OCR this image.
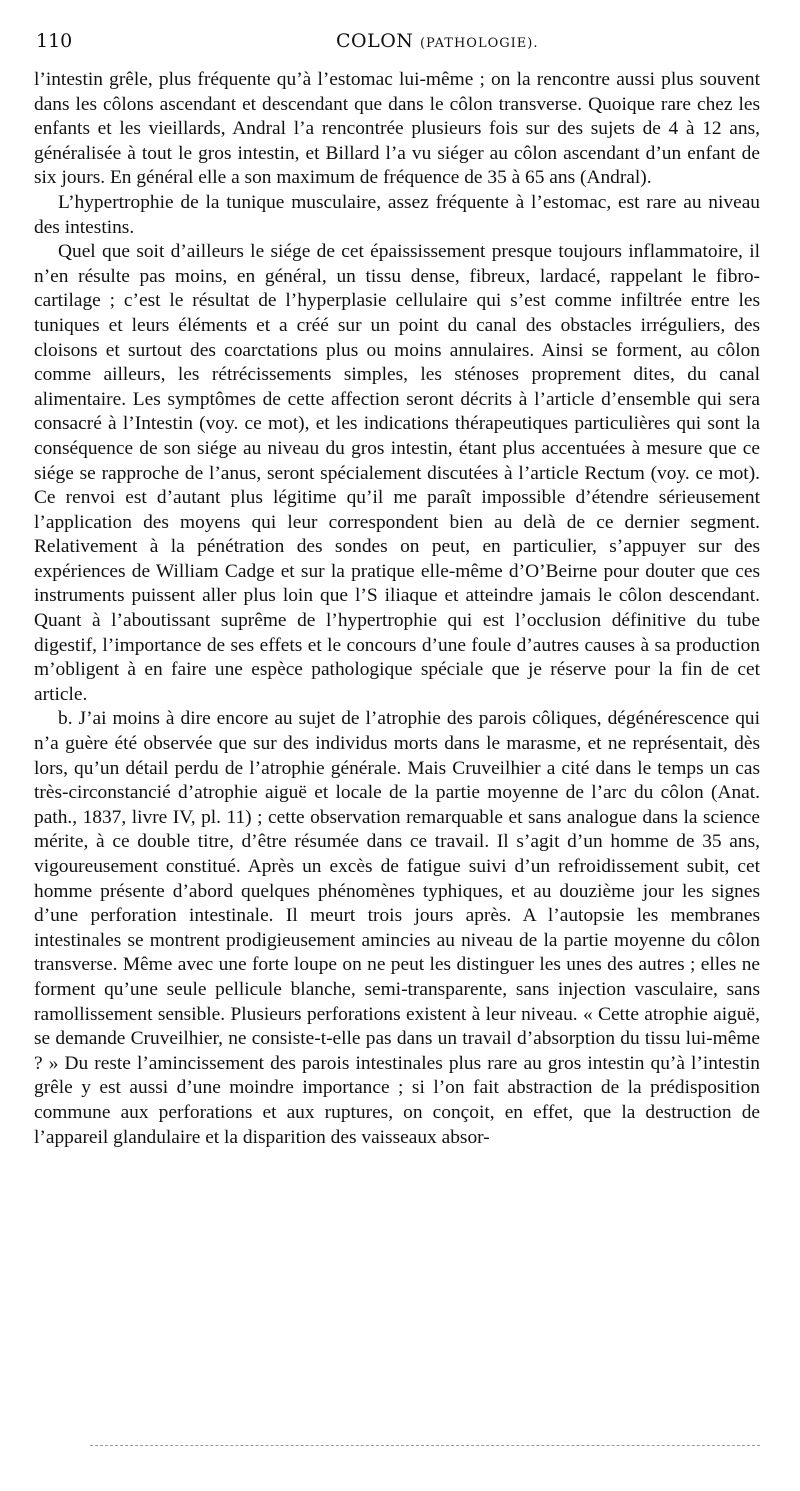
110	COLON (PATHOLOGIE).

l’intestin grêle, plus fréquente qu’à l’estomac lui-même ; on la rencontre aussi plus souvent dans les côlons ascendant et descendant que dans le côlon transverse. Quoique rare chez les enfants et les vieillards, Andral l’a rencontrée plusieurs fois sur des sujets de 4 à 12 ans, généralisée à tout le gros intestin, et Billard l’a vu siéger au côlon ascendant d’un enfant de six jours. En général elle a son maximum de fréquence de 35 à 65 ans (Andral).

L’hypertrophie de la tunique musculaire, assez fréquente à l’estomac, est rare au niveau des intestins.

Quel que soit d’ailleurs le siége de cet épaississement presque toujours inflammatoire, il n’en résulte pas moins, en général, un tissu dense, fibreux, lardacé, rappelant le fibro-cartilage ; c’est le résultat de l’hyperplasie cellulaire qui s’est comme infiltrée entre les tuniques et leurs éléments et a créé sur un point du canal des obstacles irréguliers, des cloisons et surtout des coarctations plus ou moins annulaires. Ainsi se forment, au côlon comme ailleurs, les rétrécissements simples, les sténoses proprement dites, du canal alimentaire. Les symptômes de cette affection seront décrits à l’article d’ensemble qui sera consacré à l’Intestin (voy. ce mot), et les indications thérapeutiques particulières qui sont la conséquence de son siége au niveau du gros intestin, étant plus accentuées à mesure que ce siége se rapproche de l’anus, seront spécialement discutées à l’article Rectum (voy. ce mot). Ce renvoi est d’autant plus légitime qu’il me paraît impossible d’étendre sérieusement l’application des moyens qui leur correspondent bien au delà de ce dernier segment. Relativement à la pénétration des sondes on peut, en particulier, s’appuyer sur des expériences de William Cadge et sur la pratique elle-même d’O’Beirne pour douter que ces instruments puissent aller plus loin que l’S iliaque et atteindre jamais le côlon descendant. Quant à l’aboutissant suprême de l’hypertrophie qui est l’occlusion définitive du tube digestif, l’importance de ses effets et le concours d’une foule d’autres causes à sa production m’obligent à en faire une espèce pathologique spéciale que je réserve pour la fin de cet article.

b. J’ai moins à dire encore au sujet de l’atrophie des parois côliques, dégénérescence qui n’a guère été observée que sur des individus morts dans le marasme, et ne représentait, dès lors, qu’un détail perdu de l’atrophie générale. Mais Cruveilhier a cité dans le temps un cas très-circonstancié d’atrophie aiguë et locale de la partie moyenne de l’arc du côlon (Anat. path., 1837, livre IV, pl. 11) ; cette observation remarquable et sans analogue dans la science mérite, à ce double titre, d’être résumée dans ce travail. Il s’agit d’un homme de 35 ans, vigoureusement constitué. Après un excès de fatigue suivi d’un refroidissement subit, cet homme présente d’abord quelques phénomènes typhiques, et au douzième jour les signes d’une perforation intestinale. Il meurt trois jours après. A l’autopsie les membranes intestinales se montrent prodigieusement amincies au niveau de la partie moyenne du côlon transverse. Même avec une forte loupe on ne peut les distinguer les unes des autres ; elles ne forment qu’une seule pellicule blanche, semi-transparente, sans injection vasculaire, sans ramollissement sensible. Plusieurs perforations existent à leur niveau. « Cette atrophie aiguë, se demande Cruveilhier, ne consiste-t-elle pas dans un travail d’absorption du tissu lui-même ? » Du reste l’amincissement des parois intestinales plus rare au gros intestin qu’à l’intestin grêle y est aussi d’une moindre importance ; si l’on fait abstraction de la prédisposition commune aux perforations et aux ruptures, on conçoit, en effet, que la destruction de l’appareil glandulaire et la disparition des vaisseaux absor-
